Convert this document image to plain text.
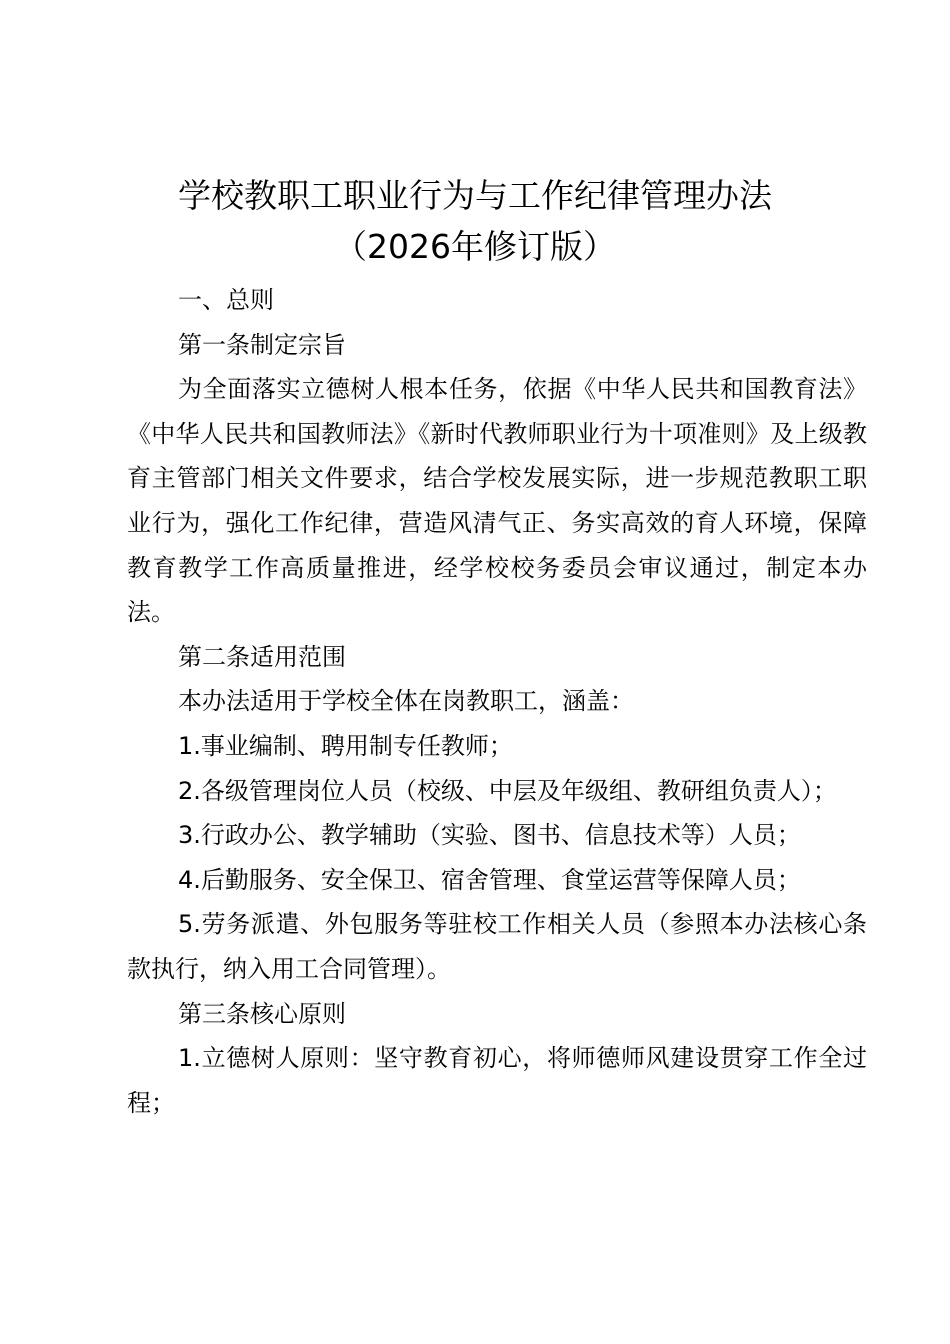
学校教职工职业行为与工作纪律管理办法
（2026年修订版）

一、总则

第一条制定宗旨

为全面落实立德树人根本任务，依据《中华人民共和国教育法》《中华人民共和国教师法》《新时代教师职业行为十项准则》及上级教育主管部门相关文件要求，结合学校发展实际，进一步规范教职工职业行为，强化工作纪律，营造风清气正、务实高效的育人环境，保障教育教学工作高质量推进，经学校校务委员会审议通过，制定本办法。

第二条适用范围

本办法适用于学校全体在岗教职工，涵盖：

1.事业编制、聘用制专任教师；

2.各级管理岗位人员（校级、中层及年级组、教研组负责人）；

3.行政办公、教学辅助（实验、图书、信息技术等）人员；

4.后勤服务、安全保卫、宿舍管理、食堂运营等保障人员；

5.劳务派遣、外包服务等驻校工作相关人员（参照本办法核心条款执行，纳入用工合同管理）。

第三条核心原则

1.立德树人原则：坚守教育初心，将师德师风建设贯穿工作全过程；
